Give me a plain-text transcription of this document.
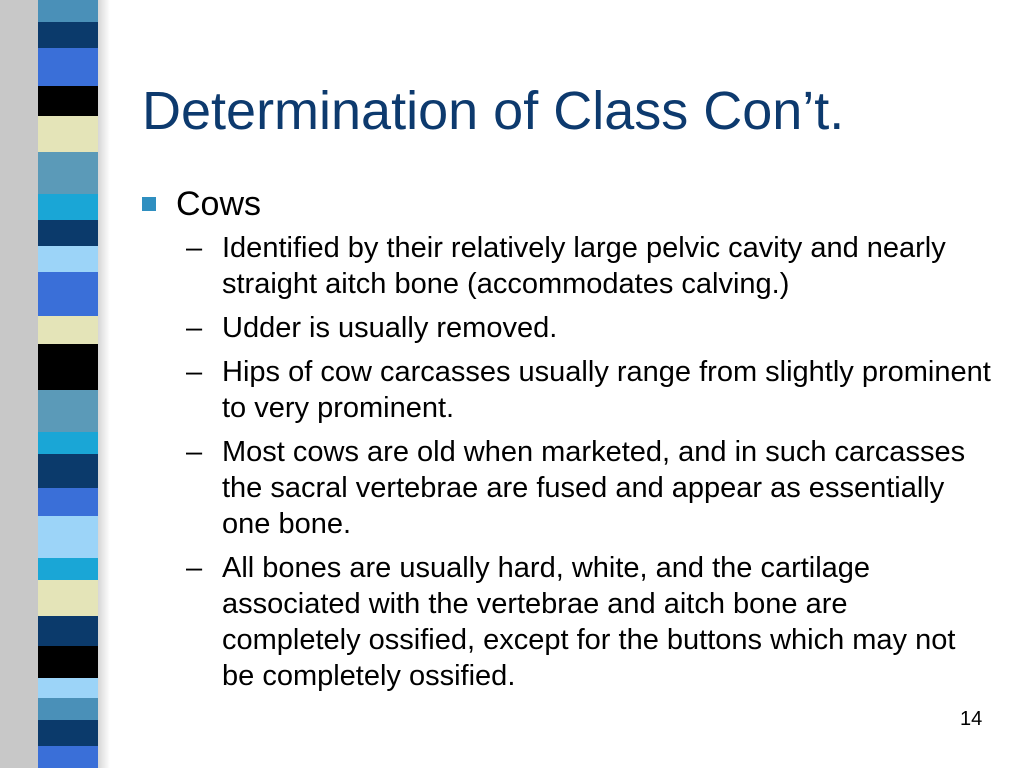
Determination of Class Con’t.
Cows
– Identified by their relatively large pelvic cavity and nearly straight aitch bone (accommodates calving.)
– Udder is usually removed.
– Hips of cow carcasses usually range from slightly prominent to very prominent.
– Most cows are old when marketed, and in such carcasses the sacral vertebrae are fused and appear as essentially one bone.
– All bones are usually hard, white, and the cartilage associated with the vertebrae and aitch bone are completely ossified, except for the buttons which may not be completely ossified.
14
